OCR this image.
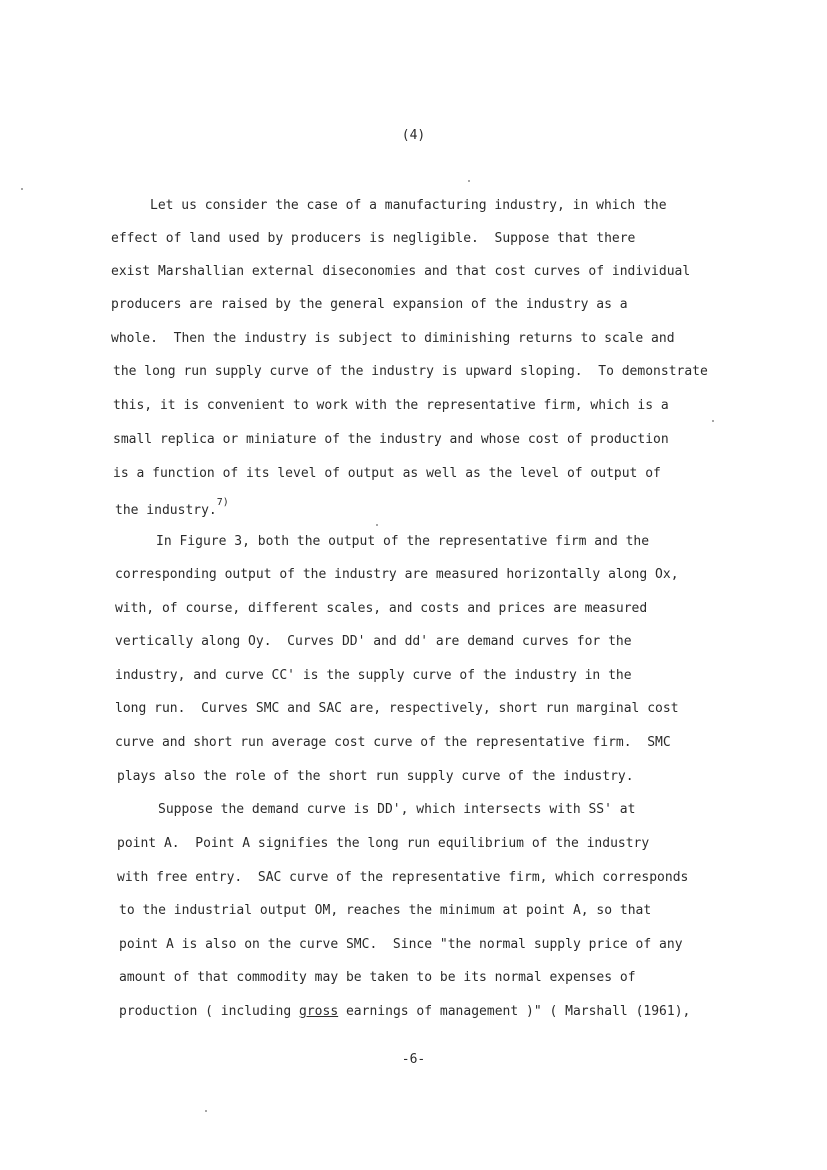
(4)
Let us consider the case of a manufacturing industry, in which the
effect of land used by producers is negligible.  Suppose that there
exist Marshallian external diseconomies and that cost curves of individual
producers are raised by the general expansion of the industry as a
whole.  Then the industry is subject to diminishing returns to scale and
the long run supply curve of the industry is upward sloping.  To demonstrate
this, it is convenient to work with the representative firm, which is a
small replica or miniature of the industry and whose cost of production
is a function of its level of output as well as the level of output of
the industry.$^{7)}$
In Figure 3, both the output of the representative firm and the
corresponding output of the industry are measured horizontally along Ox,
with, of course, different scales, and costs and prices are measured
vertically along Oy.  Curves DD' and dd' are demand curves for the
industry, and curve CC' is the supply curve of the industry in the
long run.  Curves SMC and SAC are, respectively, short run marginal cost
curve and short run average cost curve of the representative firm.  SMC
plays also the role of the short run supply curve of the industry.
Suppose the demand curve is DD', which intersects with SS' at
point A.  Point A signifies the long run equilibrium of the industry
with free entry.  SAC curve of the representative firm, which corresponds
to the industrial output OM, reaches the minimum at point A, so that
point A is also on the curve SMC.  Since "the normal supply price of any
amount of that commodity may be taken to be its normal expenses of
production ( including gross earnings of management )" ( Marshall (1961),
-6-
